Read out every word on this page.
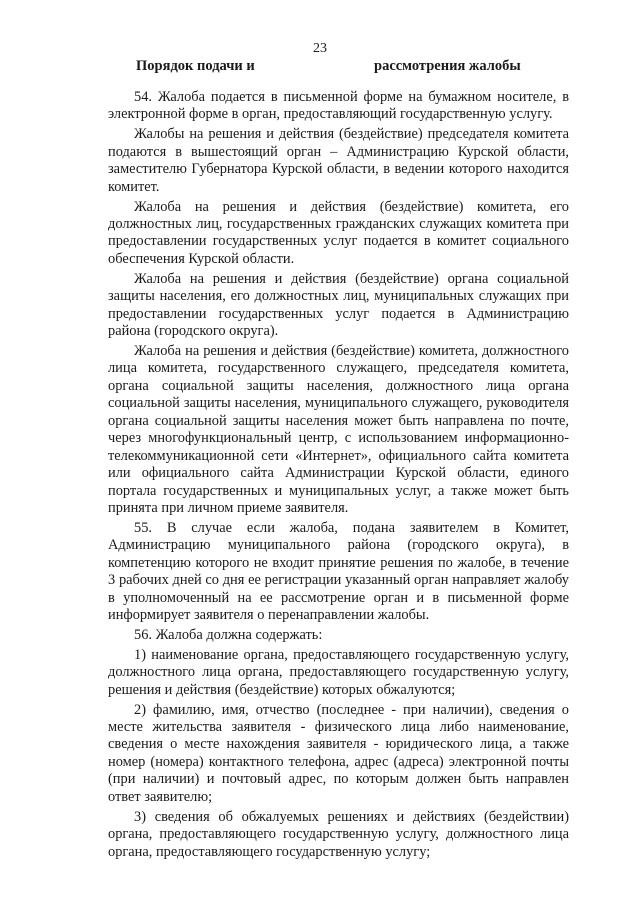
23
Порядок подачи и	рассмотрения жалобы

54. Жалоба подается в письменной форме на бумажном носителе, в электронной форме в орган, предоставляющий государственную услугу.

Жалобы на решения и действия (бездействие) председателя комитета подаются в вышестоящий орган – Администрацию Курской области, заместителю Губернатора Курской области, в ведении которого находится комитет.

Жалоба на решения и действия (бездействие) комитета, его должностных лиц, государственных гражданских служащих комитета при предоставлении государственных услуг подается в комитет социального обеспечения Курской области.

Жалоба на решения и действия (бездействие) органа социальной защиты населения, его должностных лиц, муниципальных служащих при предоставлении государственных услуг подается в Администрацию района (городского округа).

Жалоба на решения и действия (бездействие) комитета, должностного лица комитета, государственного служащего, председателя комитета, органа социальной защиты населения, должностного лица органа социальной защиты населения, муниципального служащего, руководителя органа социальной защиты населения может быть направлена по почте, через многофункциональный центр, с использованием информационно-телекоммуникационной сети «Интернет», официального сайта комитета или официального сайта Администрации Курской области, единого портала государственных и муниципальных услуг, а также может быть принята при личном приеме заявителя.

55. В случае если жалоба, подана заявителем в Комитет, Администрацию муниципального района (городского округа), в компетенцию которого не входит принятие решения по жалобе, в течение 3 рабочих дней со дня ее регистрации указанный орган направляет жалобу в уполномоченный на ее рассмотрение орган и в письменной форме информирует заявителя о перенаправлении жалобы.

56. Жалоба должна содержать:

1) наименование органа, предоставляющего государственную услугу, должностного лица органа, предоставляющего государственную услугу, решения и действия (бездействие) которых обжалуются;

2) фамилию, имя, отчество (последнее - при наличии), сведения о месте жительства заявителя - физического лица либо наименование, сведения о месте нахождения заявителя - юридического лица, а также номер (номера) контактного телефона, адрес (адреса) электронной почты (при наличии) и почтовый адрес, по которым должен быть направлен ответ заявителю;

3) сведения об обжалуемых решениях и действиях (бездействии) органа, предоставляющего государственную услугу, должностного лица органа, предоставляющего государственную услугу;
